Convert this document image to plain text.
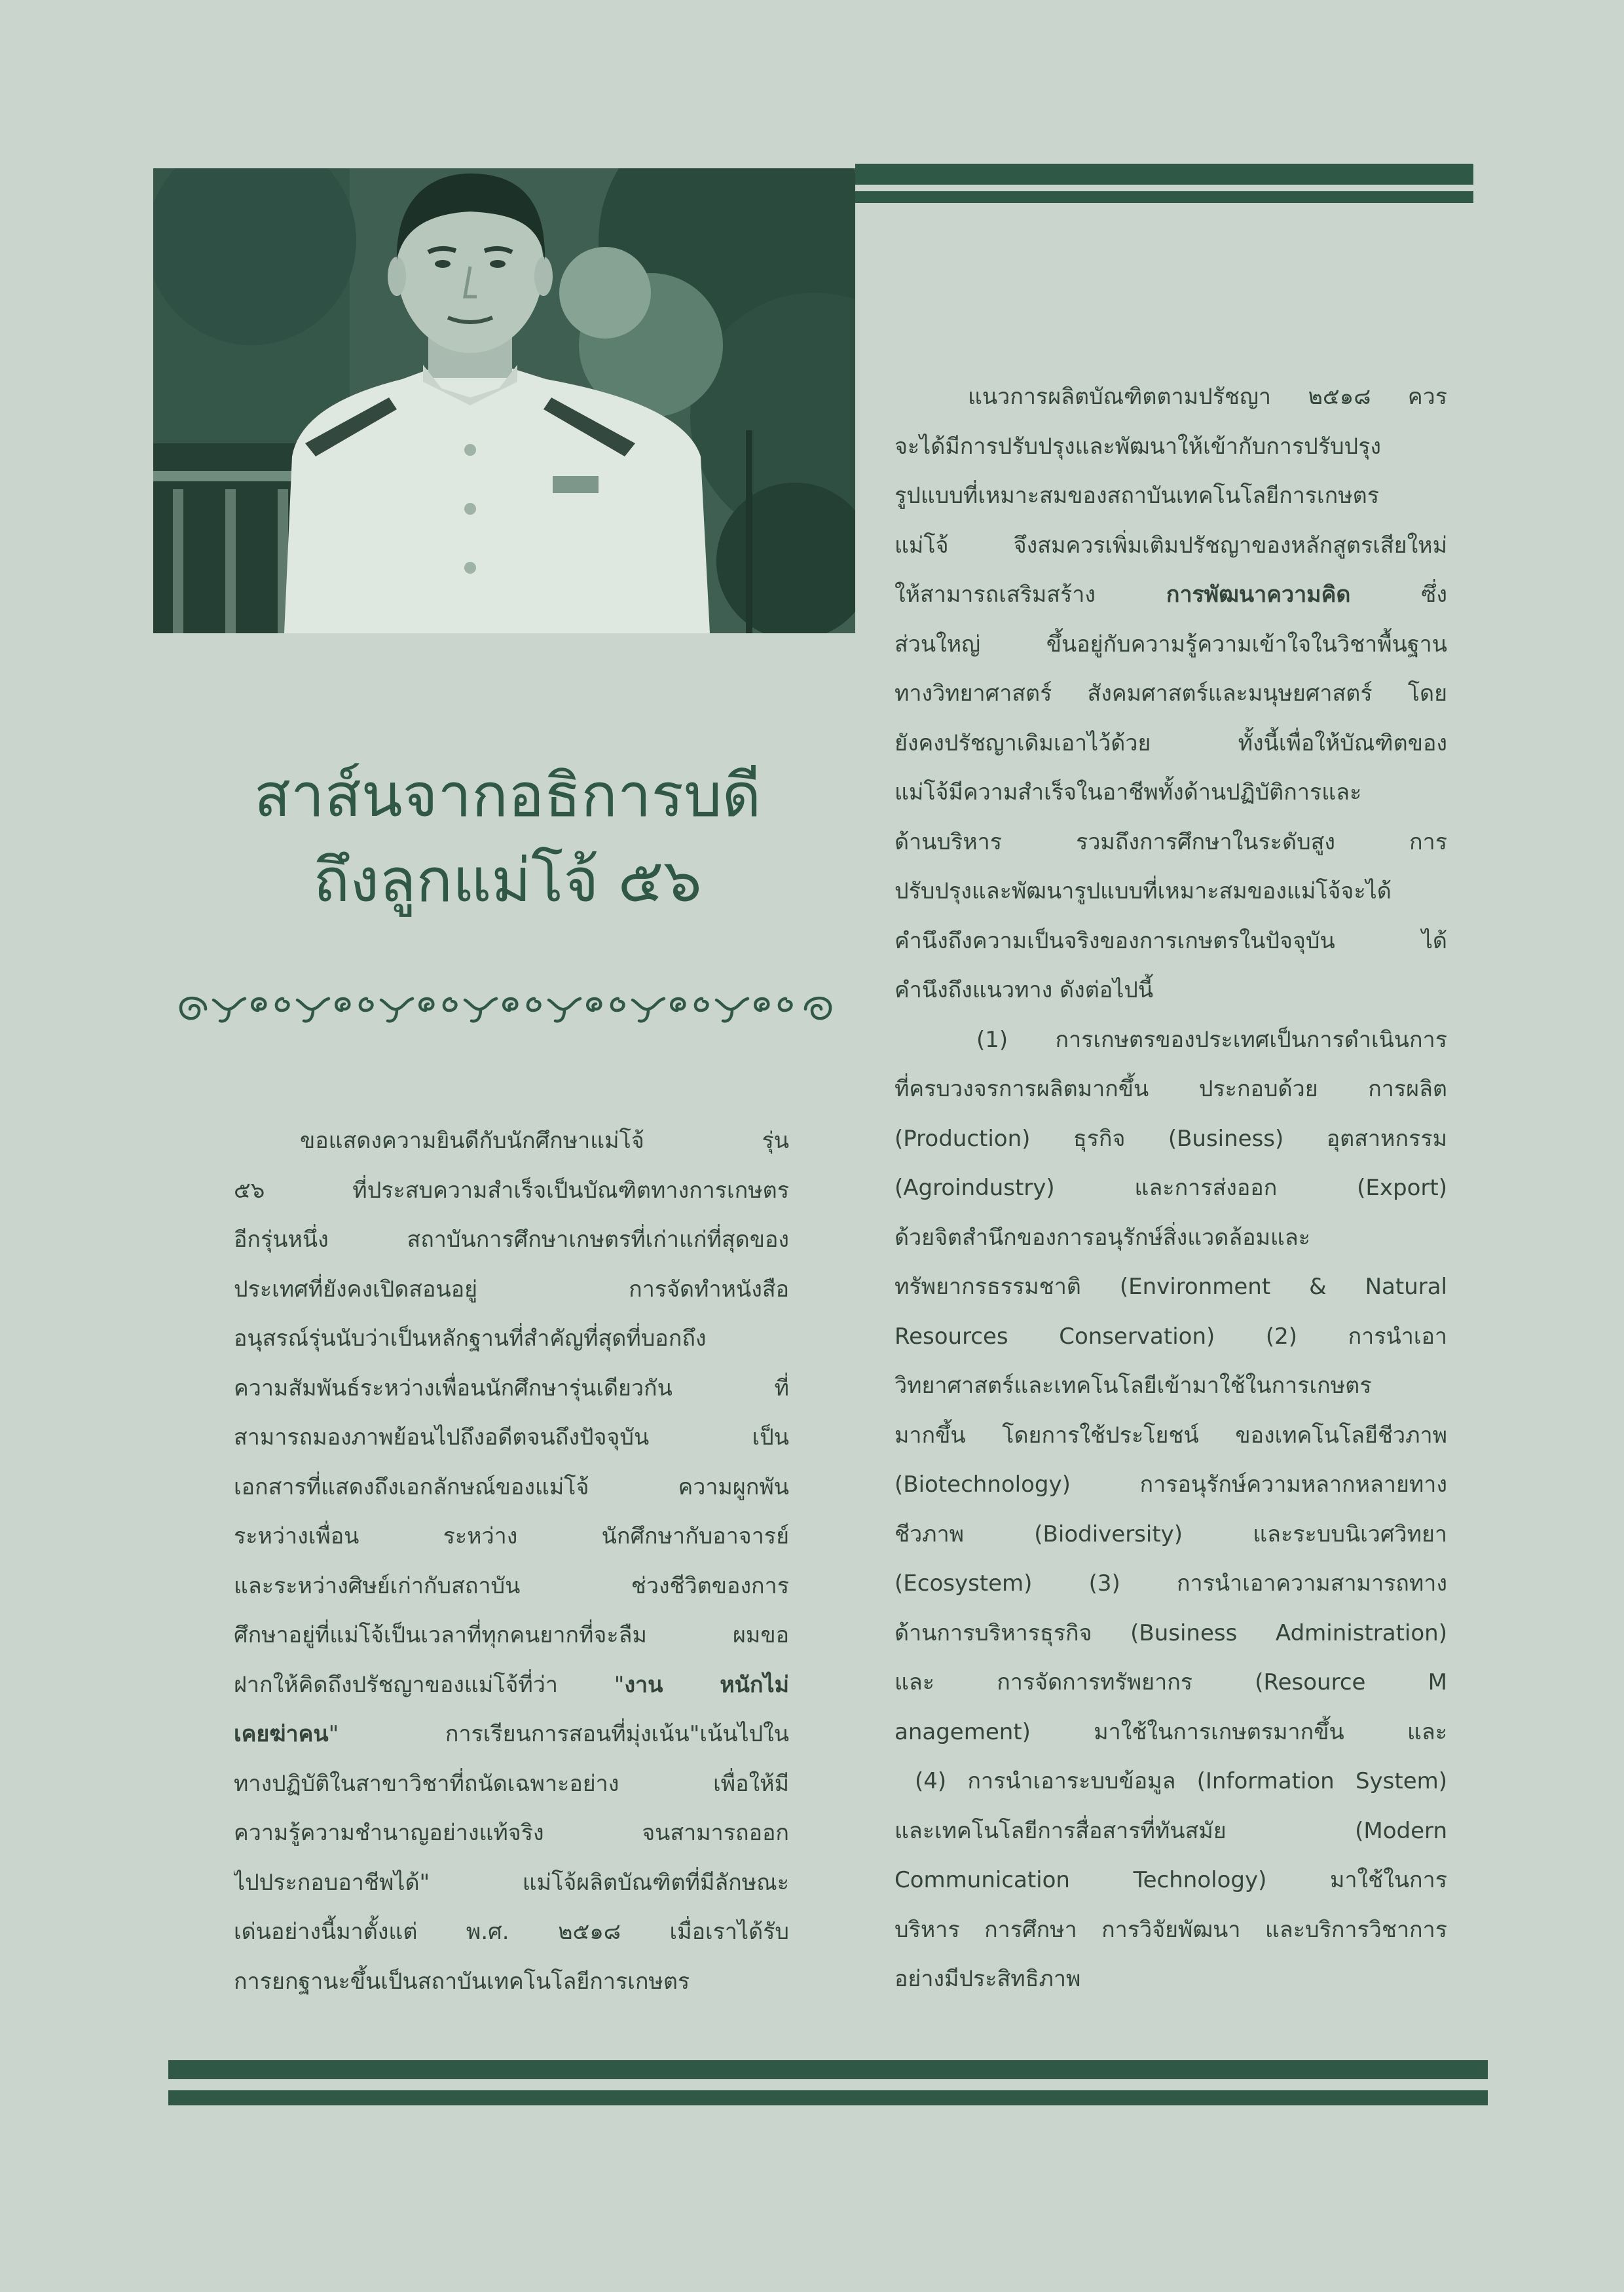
สาส์นจากอธิการบดี
ถึงลูกแม่โจ้ ๕๖
ขอแสดงความยินดีกับนักศึกษาแม่โจ้ รุ่น
๕๖ ที่ประสบความสำเร็จเป็นบัณฑิตทางการเกษตร
อีกรุ่นหนึ่ง สถาบันการศึกษาเกษตรที่เก่าแก่ที่สุดของ
ประเทศที่ยังคงเปิดสอนอยู่ การจัดทำหนังสือ
อนุสรณ์รุ่นนับว่าเป็นหลักฐานที่สำคัญที่สุดที่บอกถึง
ความสัมพันธ์ระหว่างเพื่อนนักศึกษารุ่นเดียวกัน ที่
สามารถมองภาพย้อนไปถึงอดีตจนถึงปัจจุบัน เป็น
เอกสารที่แสดงถึงเอกลักษณ์ของแม่โจ้ ความผูกพัน
ระหว่างเพื่อน ระหว่าง นักศึกษากับอาจารย์
และระหว่างศิษย์เก่ากับสถาบัน ช่วงชีวิตของการ
ศึกษาอยู่ที่แม่โจ้เป็นเวลาที่ทุกคนยากที่จะลืม ผมขอ
ฝากให้คิดถึงปรัชญาของแม่โจ้ที่ว่า "งาน หนักไม่
เคยฆ่าคน" การเรียนการสอนที่มุ่งเน้น"เน้นไปใน
ทางปฏิบัติในสาขาวิชาที่ถนัดเฉพาะอย่าง เพื่อให้มี
ความรู้ความชำนาญอย่างแท้จริง จนสามารถออก
ไปประกอบอาชีพได้" แม่โจ้ผลิตบัณฑิตที่มีลักษณะ
เด่นอย่างนี้มาตั้งแต่ พ.ศ. ๒๕๑๘ เมื่อเราได้รับ
การยกฐานะขึ้นเป็นสถาบันเทคโนโลยีการเกษตร
แนวการผลิตบัณฑิตตามปรัชญา ๒๕๑๘ ควร
จะได้มีการปรับปรุงและพัฒนาให้เข้ากับการปรับปรุง
รูปแบบที่เหมาะสมของสถาบันเทคโนโลยีการเกษตร
แม่โจ้ จึงสมควรเพิ่มเติมปรัชญาของหลักสูตรเสียใหม่
ให้สามารถเสริมสร้าง การพัฒนาความคิด ซึ่ง
ส่วนใหญ่ ขึ้นอยู่กับความรู้ความเข้าใจในวิชาพื้นฐาน
ทางวิทยาศาสตร์ สังคมศาสตร์และมนุษยศาสตร์ โดย
ยังคงปรัชญาเดิมเอาไว้ด้วย ทั้งนี้เพื่อให้บัณฑิตของ
แม่โจ้มีความสำเร็จในอาชีพทั้งด้านปฏิบัติการและ
ด้านบริหาร รวมถึงการศึกษาในระดับสูง การ
ปรับปรุงและพัฒนารูปแบบที่เหมาะสมของแม่โจ้จะได้
คำนึงถึงความเป็นจริงของการเกษตรในปัจจุบัน ได้
คำนึงถึงแนวทาง ดังต่อไปนี้
(1) การเกษตรของประเทศเป็นการดำเนินการ
ที่ครบวงจรการผลิตมากขึ้น ประกอบด้วย การผลิต
(Production) ธุรกิจ (Business) อุตสาหกรรม
(Agroindustry) และการส่งออก (Export)
ด้วยจิตสำนึกของการอนุรักษ์สิ่งแวดล้อมและ
ทรัพยากรธรรมชาติ (Environment & Natural
Resources Conservation) (2) การนำเอา
วิทยาศาสตร์และเทคโนโลยีเข้ามาใช้ในการเกษตร
มากขึ้น โดยการใช้ประโยชน์ ของเทคโนโลยีชีวภาพ
(Biotechnology) การอนุรักษ์ความหลากหลายทาง
ชีวภาพ (Biodiversity) และระบบนิเวศวิทยา
(Ecosystem) (3) การนำเอาความสามารถทาง
ด้านการบริหารธุรกิจ (Business Administration)
และ การจัดการทรัพยากร (Resource M
anagement) มาใช้ในการเกษตรมากขึ้น และ
(4) การนำเอาระบบข้อมูล (Information System)
และเทคโนโลยีการสื่อสารที่ทันสมัย (Modern
Communication Technology) มาใช้ในการ
บริหาร การศึกษา การวิจัยพัฒนา และบริการวิชาการ
อย่างมีประสิทธิภาพ
